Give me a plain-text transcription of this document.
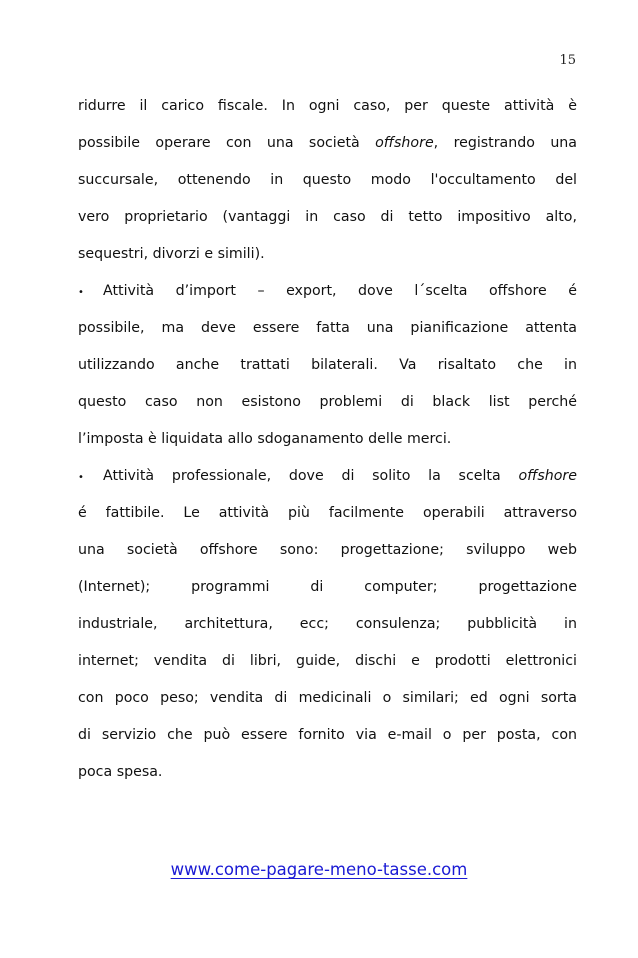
15
ridurre il carico fiscale. In ogni caso, per queste attività è
possibile operare con una società offshore, registrando una
succursale, ottenendo in questo modo l'occultamento del
vero proprietario (vantaggi in caso di tetto impositivo alto,
sequestri, divorzi e simili).
•	Attività d’import – export, dove l´scelta offshore é
possibile, ma deve essere fatta una pianificazione attenta
utilizzando anche trattati bilaterali. Va risaltato che in
questo caso non esistono problemi di black list perché
l’imposta è liquidata allo sdoganamento delle merci.
•	Attività professionale, dove di solito la scelta offshore
é fattibile. Le attività più facilmente operabili attraverso
una società offshore sono: progettazione; sviluppo web
(Internet); programmi di computer; progettazione
industriale, architettura, ecc; consulenza; pubblicità in
internet; vendita di libri, guide, dischi e prodotti elettronici
con poco peso; vendita di medicinali o similari; ed ogni sorta
di servizio che può essere fornito via e-mail o per posta, con
poca spesa.
www.come-pagare-meno-tasse.com
